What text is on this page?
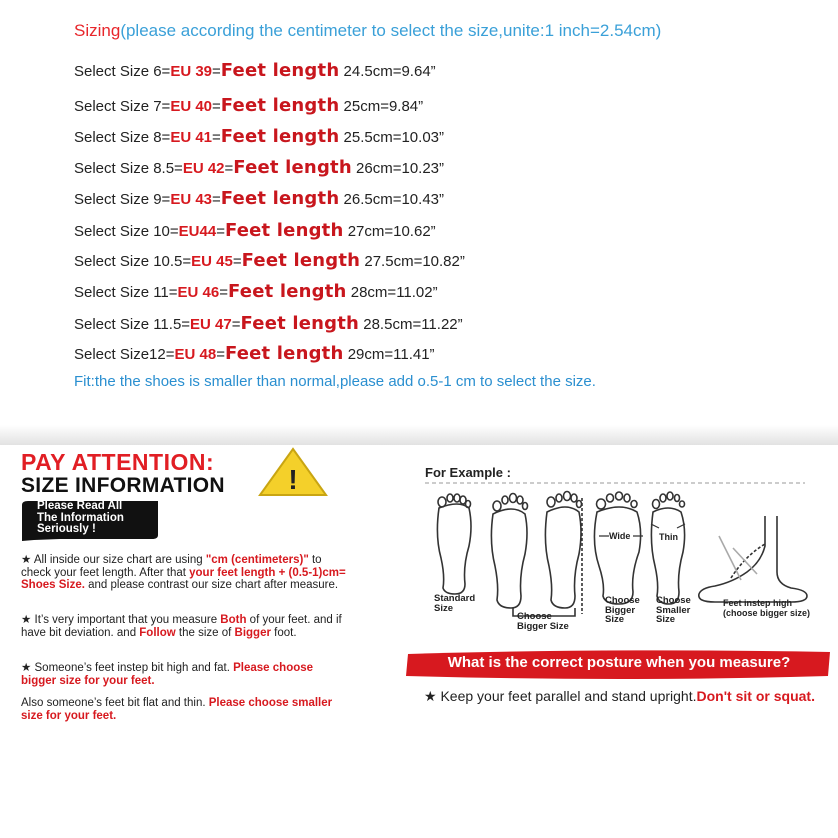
Sizing(please according the centimeter to select the size,unite:1 inch=2.54cm)
Select Size 6=EU 39=Feet length 24.5cm=9.64”
Select Size 7=EU 40=Feet length 25cm=9.84”
Select Size 8=EU 41=Feet length 25.5cm=10.03”
Select Size 8.5=EU 42=Feet length 26cm=10.23”
Select Size 9=EU 43=Feet length 26.5cm=10.43”
Select Size 10=EU44=Feet length 27cm=10.62”
Select Size 10.5=EU 45=Feet length 27.5cm=10.82”
Select Size 11=EU 46=Feet length 28cm=11.02”
Select Size 11.5=EU 47=Feet length 28.5cm=11.22”
Select Size12=EU 48=Feet length 29cm=11.41”
Fit:the the shoes is smaller than normal,please add o.5-1 cm to select the size.
PAY ATTENTION:
SIZE INFORMATION !
Please Read All
The Information
Seriously !
★ All inside our size chart are using "cm (centimeters)" to check your feet length. After that your feet length + (0.5-1)cm= Shoes Size. and please contrast our size chart after measure.
★ It’s very important that you measure Both of your feet. and if have bit deviation. and Follow the size of Bigger foot.
★ Someone’s feet instep bit high and fat. Please choose bigger size for your feet.
Also someone’s feet bit flat and thin. Please choose smaller size for your feet.
For Example :
Wide	Thin
Standard
Size
Choose
Bigger Size
Choose
Bigger
Size
Choose
Smaller
Size
Feet instep high
(choose bigger size)
What is the correct posture when you measure?
★ Keep your feet parallel and stand upright.Don't sit or squat.
